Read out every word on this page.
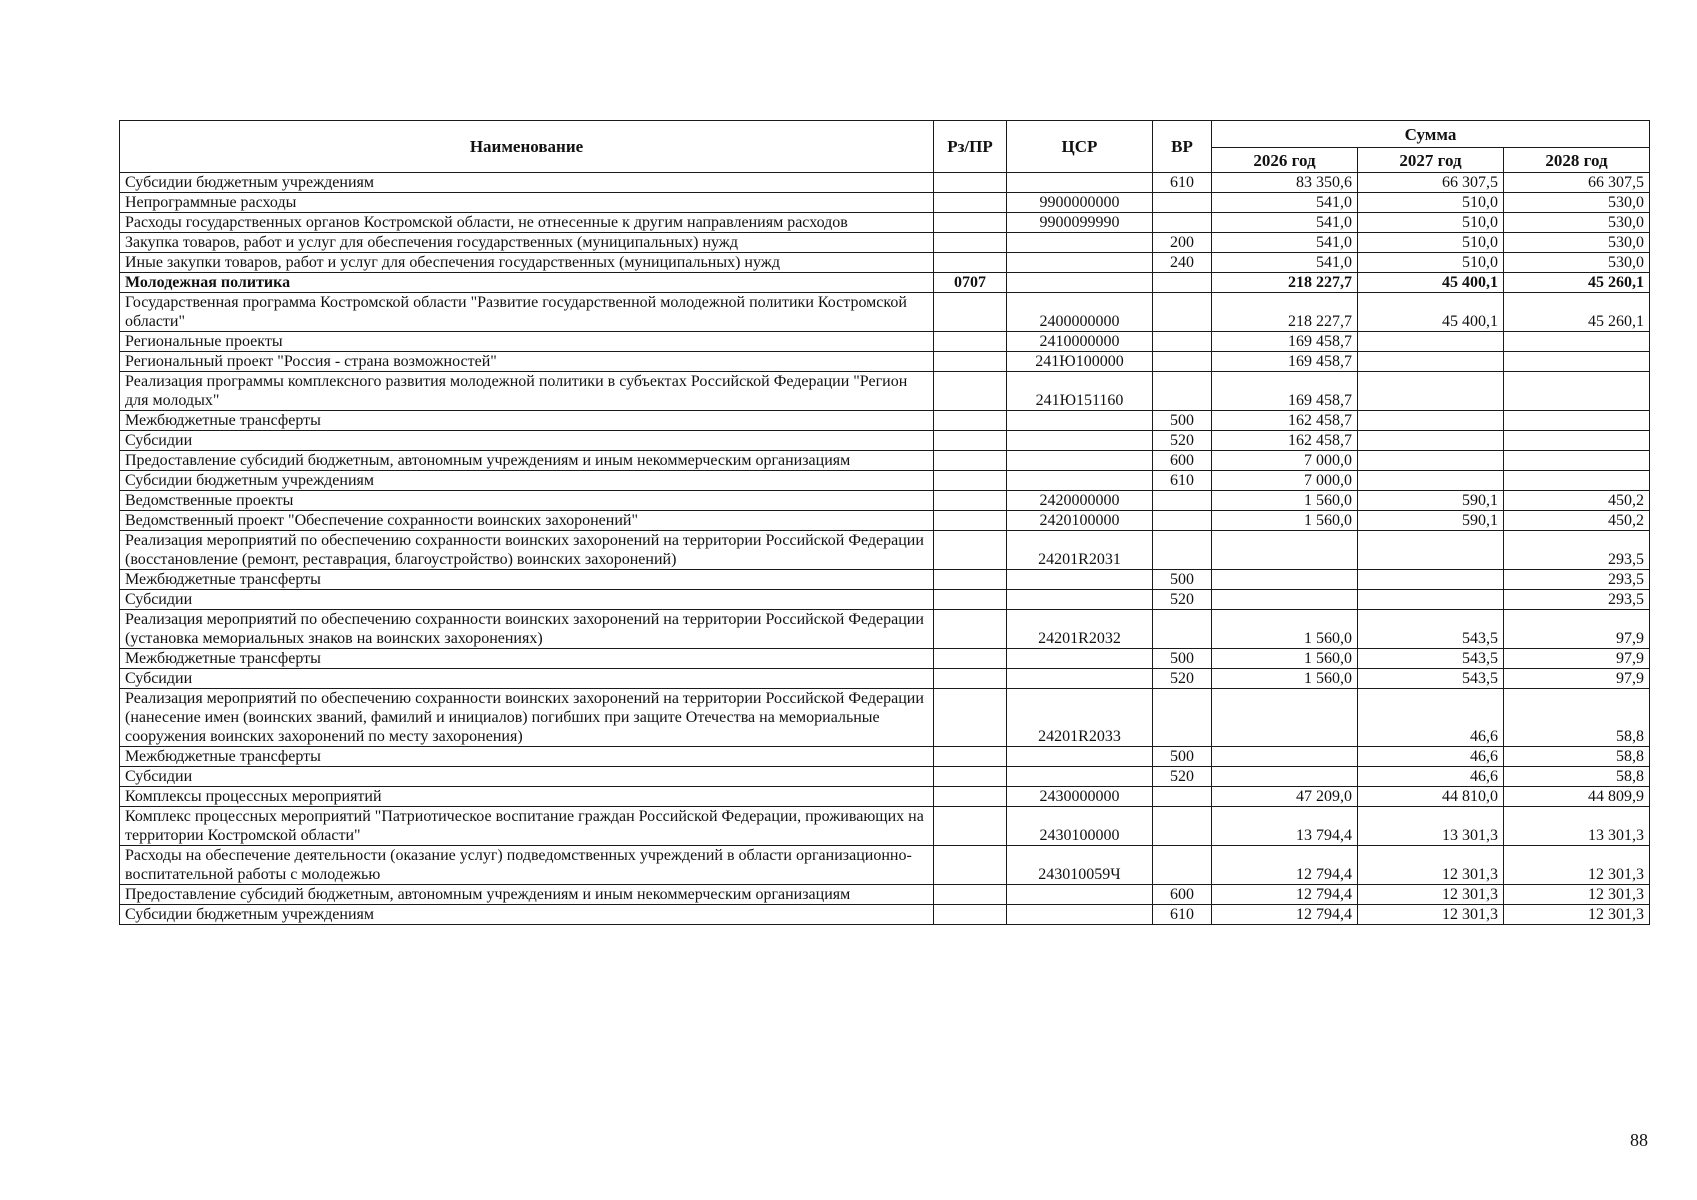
Наименование	Рз/ПР	ЦСР	ВР	Сумма		
				2026 год	2027 год	2028 год
Субсидии бюджетным учреждениям			610	83 350,6	66 307,5	66 307,5
Непрограммные расходы		9900000000		541,0	510,0	530,0
Расходы государственных органов Костромской области, не отнесенные к другим направлениям расходов		9900099990		541,0	510,0	530,0
Закупка товаров, работ и услуг для обеспечения государственных (муниципальных) нужд			200	541,0	510,0	530,0
Иные закупки товаров, работ и услуг для обеспечения государственных (муниципальных) нужд			240	541,0	510,0	530,0
Молодежная политика	0707			218 227,7	45 400,1	45 260,1
Государственная программа Костромской области "Развитие государственной молодежной политики Костромской области"		2400000000		218 227,7	45 400,1	45 260,1
Региональные проекты		2410000000		169 458,7		
Региональный проект "Россия - страна возможностей"		241Ю100000		169 458,7		
Реализация программы комплексного развития молодежной политики в субъектах Российской Федерации "Регион для молодых"		241Ю151160		169 458,7		
Межбюджетные трансферты			500	162 458,7		
Субсидии			520	162 458,7		
Предоставление субсидий бюджетным, автономным учреждениям и иным некоммерческим организациям			600	7 000,0		
Субсидии бюджетным учреждениям			610	7 000,0		
Ведомственные проекты		2420000000		1 560,0	590,1	450,2
Ведомственный проект "Обеспечение сохранности воинских захоронений"		2420100000		1 560,0	590,1	450,2
Реализация мероприятий по обеспечению сохранности воинских захоронений на территории Российской Федерации (восстановление (ремонт, реставрация, благоустройство) воинских захоронений)		24201R2031				293,5
Межбюджетные трансферты			500			293,5
Субсидии			520			293,5
Реализация мероприятий по обеспечению сохранности воинских захоронений на территории Российской Федерации (установка мемориальных знаков на воинских захоронениях)		24201R2032		1 560,0	543,5	97,9
Межбюджетные трансферты			500	1 560,0	543,5	97,9
Субсидии			520	1 560,0	543,5	97,9
Реализация мероприятий по обеспечению сохранности воинских захоронений на территории Российской Федерации (нанесение имен (воинских званий, фамилий и инициалов) погибших при защите Отечества на мемориальные сооружения воинских захоронений по месту захоронения)		24201R2033			46,6	58,8
Межбюджетные трансферты			500		46,6	58,8
Субсидии			520		46,6	58,8
Комплексы процессных мероприятий		2430000000		47 209,0	44 810,0	44 809,9
Комплекс процессных мероприятий "Патриотическое воспитание граждан Российской Федерации, проживающих на территории Костромской области"		2430100000		13 794,4	13 301,3	13 301,3
Расходы на обеспечение деятельности (оказание услуг) подведомственных учреждений в области организационно-воспитательной работы с молодежью		243010059Ч		12 794,4	12 301,3	12 301,3
Предоставление субсидий бюджетным, автономным учреждениям и иным некоммерческим организациям			600	12 794,4	12 301,3	12 301,3
Субсидии бюджетным учреждениям			610	12 794,4	12 301,3	12 301,3
88
